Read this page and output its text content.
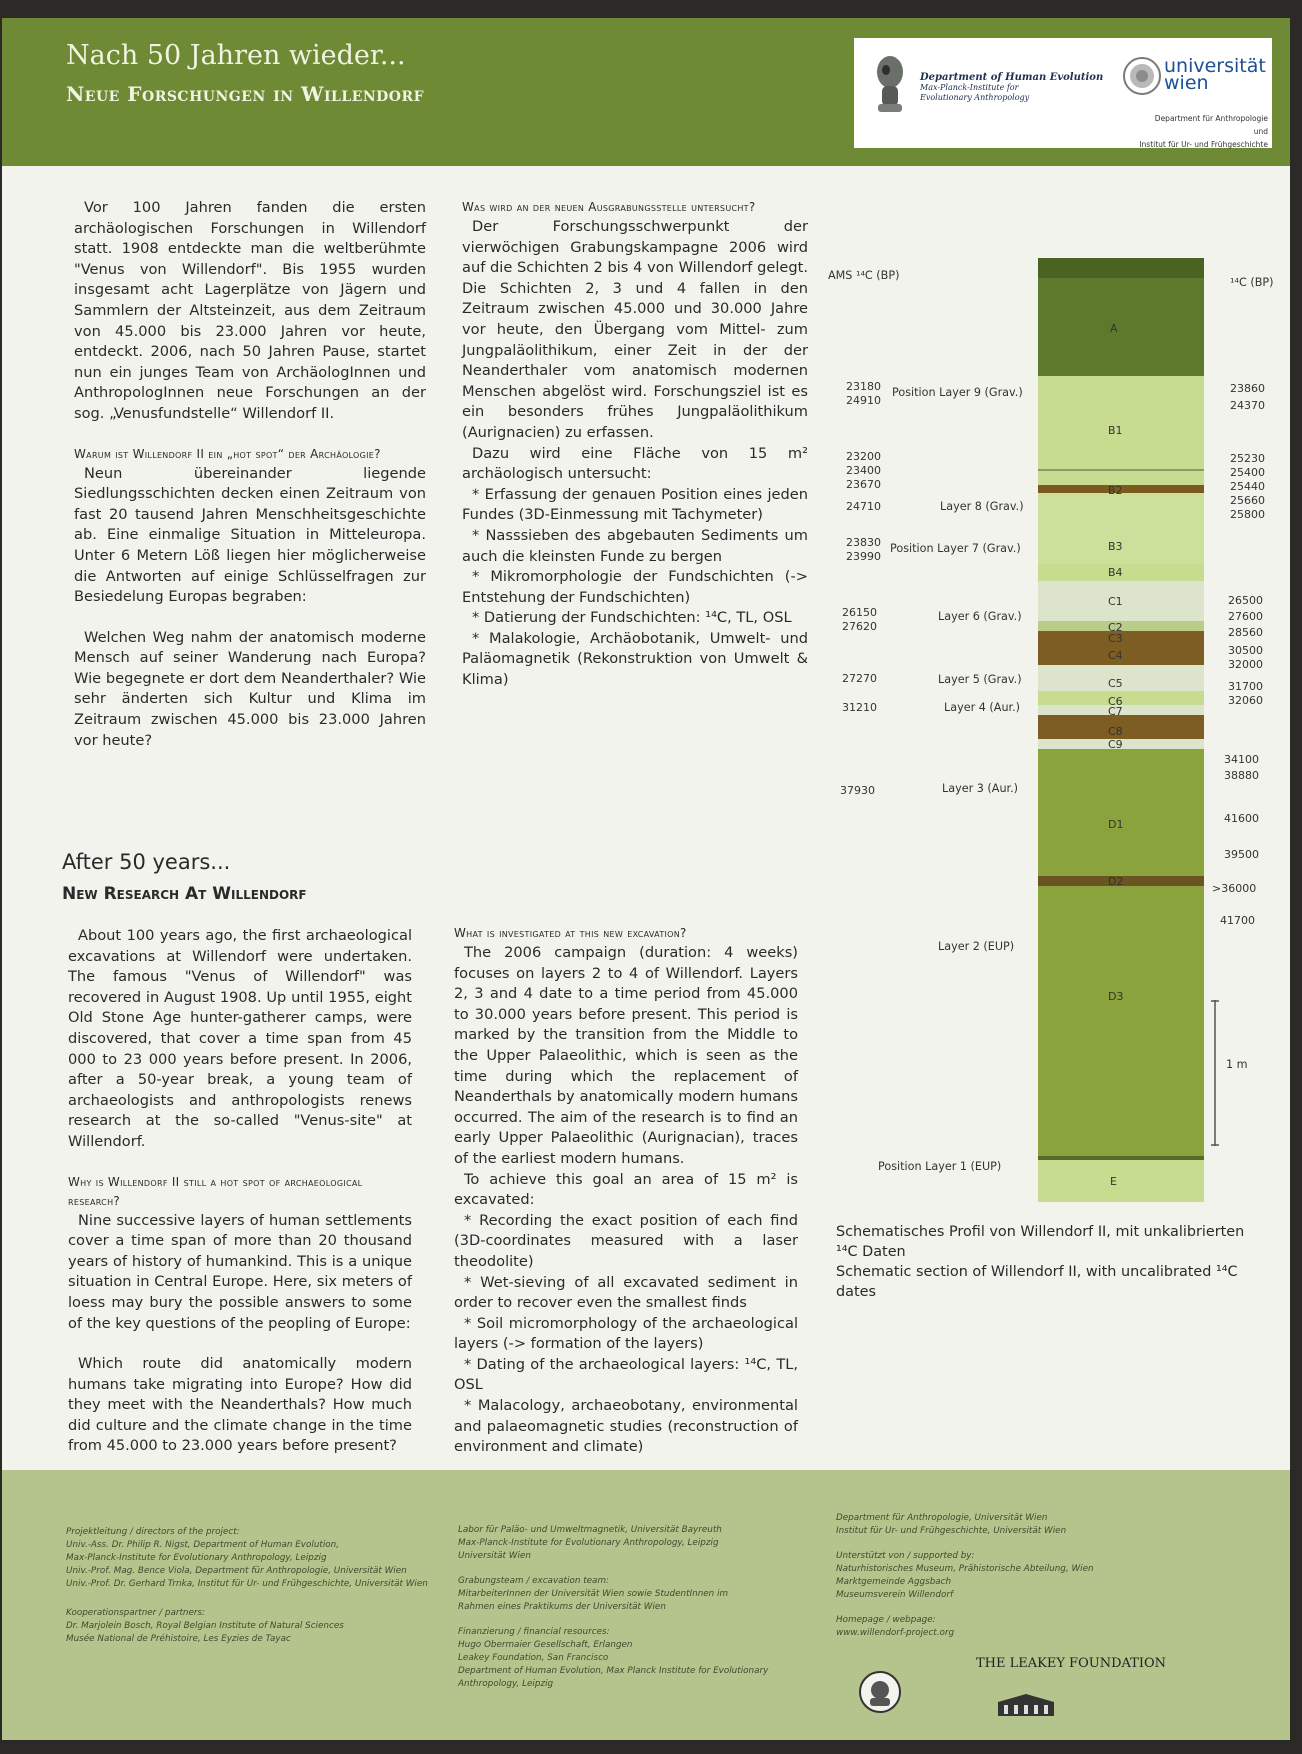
Nach 50 Jahren wieder...
Neue Forschungen in Willendorf
Department of Human Evolution
Max-Planck-Institute for
Evolutionary Anthropology
universität wien
Department für Anthropologie
und
Institut für Ur- und Frühgeschichte

Vor 100 Jahren fanden die ersten archäologischen Forschungen in Willendorf statt. 1908 entdeckte man die weltberühmte "Venus von Willendorf". Bis 1955 wurden insgesamt acht Lagerplätze von Jägern und Sammlern der Altsteinzeit, aus dem Zeitraum von 45.000 bis 23.000 Jahren vor heute, entdeckt. 2006, nach 50 Jahren Pause, startet nun ein junges Team von ArchäologInnen und AnthropologInnen neue Forschungen an der sog. „Venusfundstelle“ Willendorf II.

Warum ist Willendorf II ein „hot spot“ der Archäologie?

Neun übereinander liegende Siedlungsschichten decken einen Zeitraum von fast 20 tausend Jahren Menschheitsgeschichte ab. Eine einmalige Situation in Mitteleuropa. Unter 6 Metern Löß liegen hier möglicherweise die Antworten auf einige Schlüsselfragen zur Besiedelung Europas begraben:

Welchen Weg nahm der anatomisch moderne Mensch auf seiner Wanderung nach Europa? Wie begegnete er dort dem Neanderthaler? Wie sehr änderten sich Kultur und Klima im Zeitraum zwischen 45.000 bis 23.000 Jahren vor heute?

Was wird an der neuen Ausgrabungsstelle untersucht?

Der Forschungsschwerpunkt der vierwöchigen Grabungskampagne 2006 wird auf die Schichten 2 bis 4 von Willendorf gelegt. Die Schichten 2, 3 und 4 fallen in den Zeitraum zwischen 45.000 und 30.000 Jahre vor heute, den Übergang vom Mittel- zum Jungpaläolithikum, einer Zeit in der der Neanderthaler vom anatomisch modernen Menschen abgelöst wird. Forschungsziel ist es ein besonders frühes Jungpaläolithikum (Aurignacien) zu erfassen.

Dazu wird eine Fläche von 15 m² archäologisch untersucht:

* Erfassung der genauen Position eines jeden Fundes (3D-Einmessung mit Tachymeter)

* Nasssieben des abgebauten Sediments um auch die kleinsten Funde zu bergen

* Mikromorphologie der Fundschichten (-> Entstehung der Fundschichten)

* Datierung der Fundschichten: ¹⁴C, TL, OSL

* Malakologie, Archäobotanik, Umwelt- und Paläomagnetik (Rekonstruktion von Umwelt & Klima)

After 50 years...
New Research At Willendorf

About 100 years ago, the first archaeological excavations at Willendorf were undertaken. The famous "Venus of Willendorf" was recovered in August 1908. Up until 1955, eight Old Stone Age hunter-gatherer camps, were discovered, that cover a time span from 45 000 to 23 000 years before present. In 2006, after a 50-year break, a young team of archaeologists and anthropologists renews research at the so-called "Venus-site" at Willendorf.

Why is Willendorf II still a hot spot of archaeological research?

Nine successive layers of human settlements cover a time span of more than 20 thousand years of history of humankind. This is a unique situation in Central Europe. Here, six meters of loess may bury the possible answers to some of the key questions of the peopling of Europe:

Which route did anatomically modern humans take migrating into Europe? How did they meet with the Neanderthals? How much did culture and the climate change in the time from 45.000 to 23.000 years before present?

What is investigated at this new excavation?

The 2006 campaign (duration: 4 weeks) focuses on layers 2 to 4 of Willendorf. Layers 2, 3 and 4 date to a time period from 45.000 to 30.000 years before present. This period is marked by the transition from the Middle to the Upper Palaeolithic, which is seen as the time during which the replacement of Neanderthals by anatomically modern humans occurred. The aim of the research is to find an early Upper Palaeolithic (Aurignacian), traces of the earliest modern humans.

To achieve this goal an area of 15 m² is excavated:

* Recording the exact position of each find (3D-coordinates measured with a laser theodolite)

* Wet-sieving of all excavated sediment in order to recover even the smallest finds

* Soil micromorphology of the archaeological layers (-> formation of the layers)

* Dating of the archaeological layers: ¹⁴C, TL, OSL

* Malacology, archaeobotany, environmental and palaeomagnetic studies (reconstruction of environment and climate)

AMS ¹⁴C (BP)
¹⁴C (BP)
A
B1
B2
B3
B4
C1
C2
C3
C4
C5
C6
C7
C8
C9
D1
D2
D3
E
Position Layer 9 (Grav.)
Layer 8 (Grav.)
Position Layer 7 (Grav.)
Layer 6 (Grav.)
Layer 5 (Grav.)
Layer 4 (Aur.)
Layer 3 (Aur.)
Layer 2 (EUP)
Position Layer 1 (EUP)
23180
24910
23200
23400
23670
24710
23830
23990
26150
27620
27270
31210
37930
23860
24370
25230
25400
25440
25660
25800
26500
27600
28560
30500
32000
31700
32060
34100
38880
41600
39500
>36000
41700
1 m
Schematisches Profil von Willendorf II, mit unkalibrierten ¹⁴C Daten
Schematic section of Willendorf II, with uncalibrated ¹⁴C dates
Projektleitung / directors of the project:
Univ.-Ass. Dr. Philip R. Nigst, Department of Human Evolution,
Max-Planck-Institute for Evolutionary Anthropology, Leipzig
Univ.-Prof. Mag. Bence Viola, Department für Anthropologie, Universität Wien
Univ.-Prof. Dr. Gerhard Trnka, Institut für Ur- und Frühgeschichte, Universität Wien
Kooperationspartner / partners:
Dr. Marjolein Bosch, Royal Belgian Institute of Natural Sciences
Musée National de Préhistoire, Les Eyzies de Tayac
Labor für Paläo- und Umweltmagnetik, Universität Bayreuth
Max-Planck-Institute for Evolutionary Anthropology, Leipzig
Universität Wien
Grabungsteam / excavation team:
MitarbeiterInnen der Universität Wien sowie StudentInnen im
Rahmen eines Praktikums der Universität Wien
Finanzierung / financial resources:
Hugo Obermaier Gesellschaft, Erlangen
Leakey Foundation, San Francisco
Department of Human Evolution, Max Planck Institute for Evolutionary Anthropology, Leipzig
Department für Anthropologie, Universität Wien
Institut für Ur- und Frühgeschichte, Universität Wien
Unterstützt von / supported by:
Naturhistorisches Museum, Prähistorische Abteilung, Wien
Marktgemeinde Aggsbach
Museumsverein Willendorf
Homepage / webpage:
www.willendorf-project.org
THE LEAKEY FOUNDATION
